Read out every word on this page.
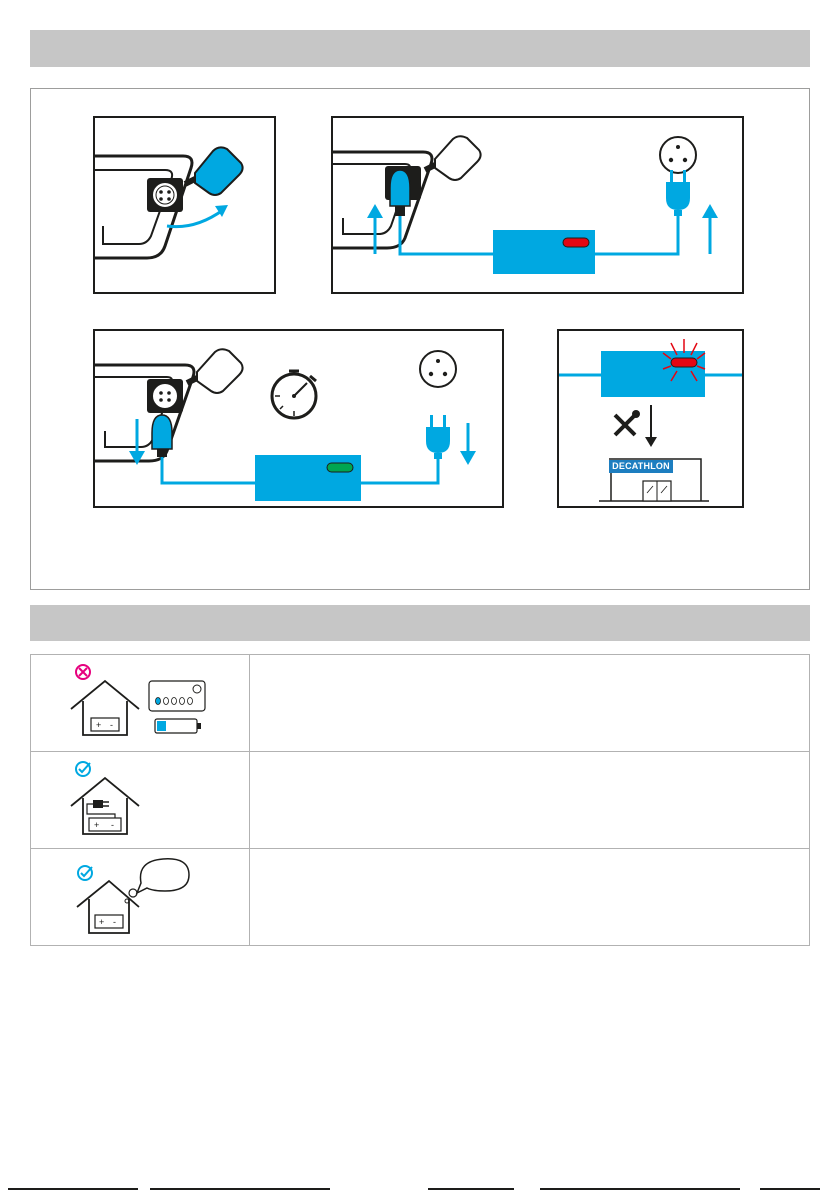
DECATHLON
+ -	

+ -	

+ -	
